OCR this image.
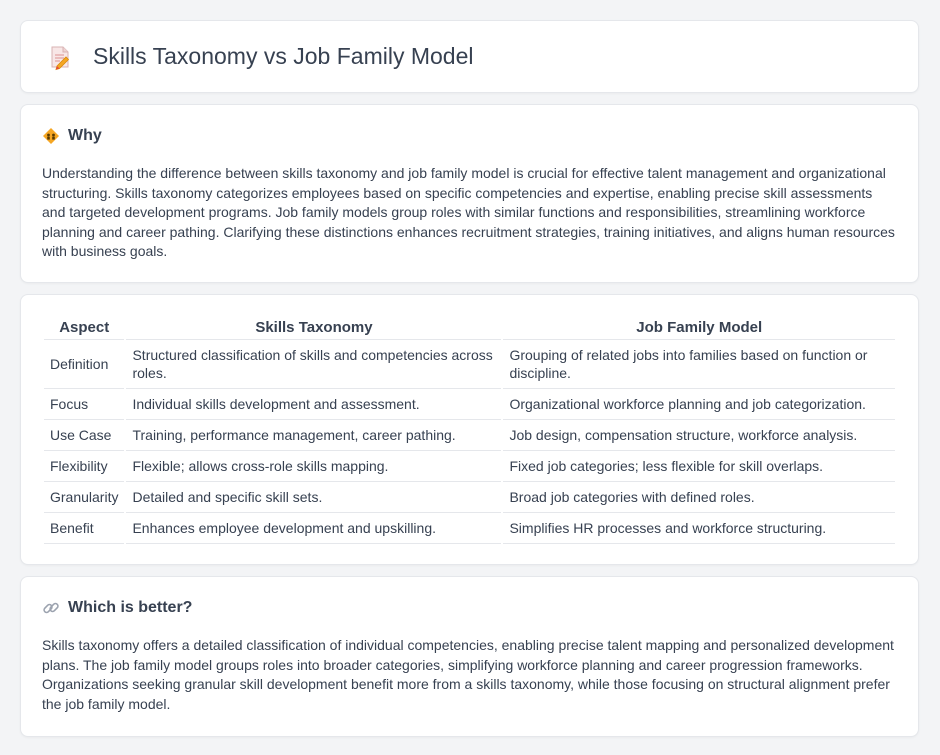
Skills Taxonomy vs Job Family Model
Why

Understanding the difference between skills taxonomy and job family model is crucial for effective talent management and organizational structuring. Skills taxonomy categorizes employees based on specific competencies and expertise, enabling precise skill assessments and targeted development programs. Job family models group roles with similar functions and responsibilities, streamlining workforce planning and career pathing. Clarifying these distinctions enhances recruitment strategies, training initiatives, and aligns human resources with business goals.

Aspect	Skills Taxonomy	Job Family Model
Definition	Structured classification of skills and competencies across roles.	Grouping of related jobs into families based on function or discipline.
Focus	Individual skills development and assessment.	Organizational workforce planning and job categorization.
Use Case	Training, performance management, career pathing.	Job design, compensation structure, workforce analysis.
Flexibility	Flexible; allows cross-role skills mapping.	Fixed job categories; less flexible for skill overlaps.
Granularity	Detailed and specific skill sets.	Broad job categories with defined roles.
Benefit	Enhances employee development and upskilling.	Simplifies HR processes and workforce structuring.
Which is better?

Skills taxonomy offers a detailed classification of individual competencies, enabling precise talent mapping and personalized development plans. The job family model groups roles into broader categories, simplifying workforce planning and career progression frameworks. Organizations seeking granular skill development benefit more from a skills taxonomy, while those focusing on structural alignment prefer the job family model.
